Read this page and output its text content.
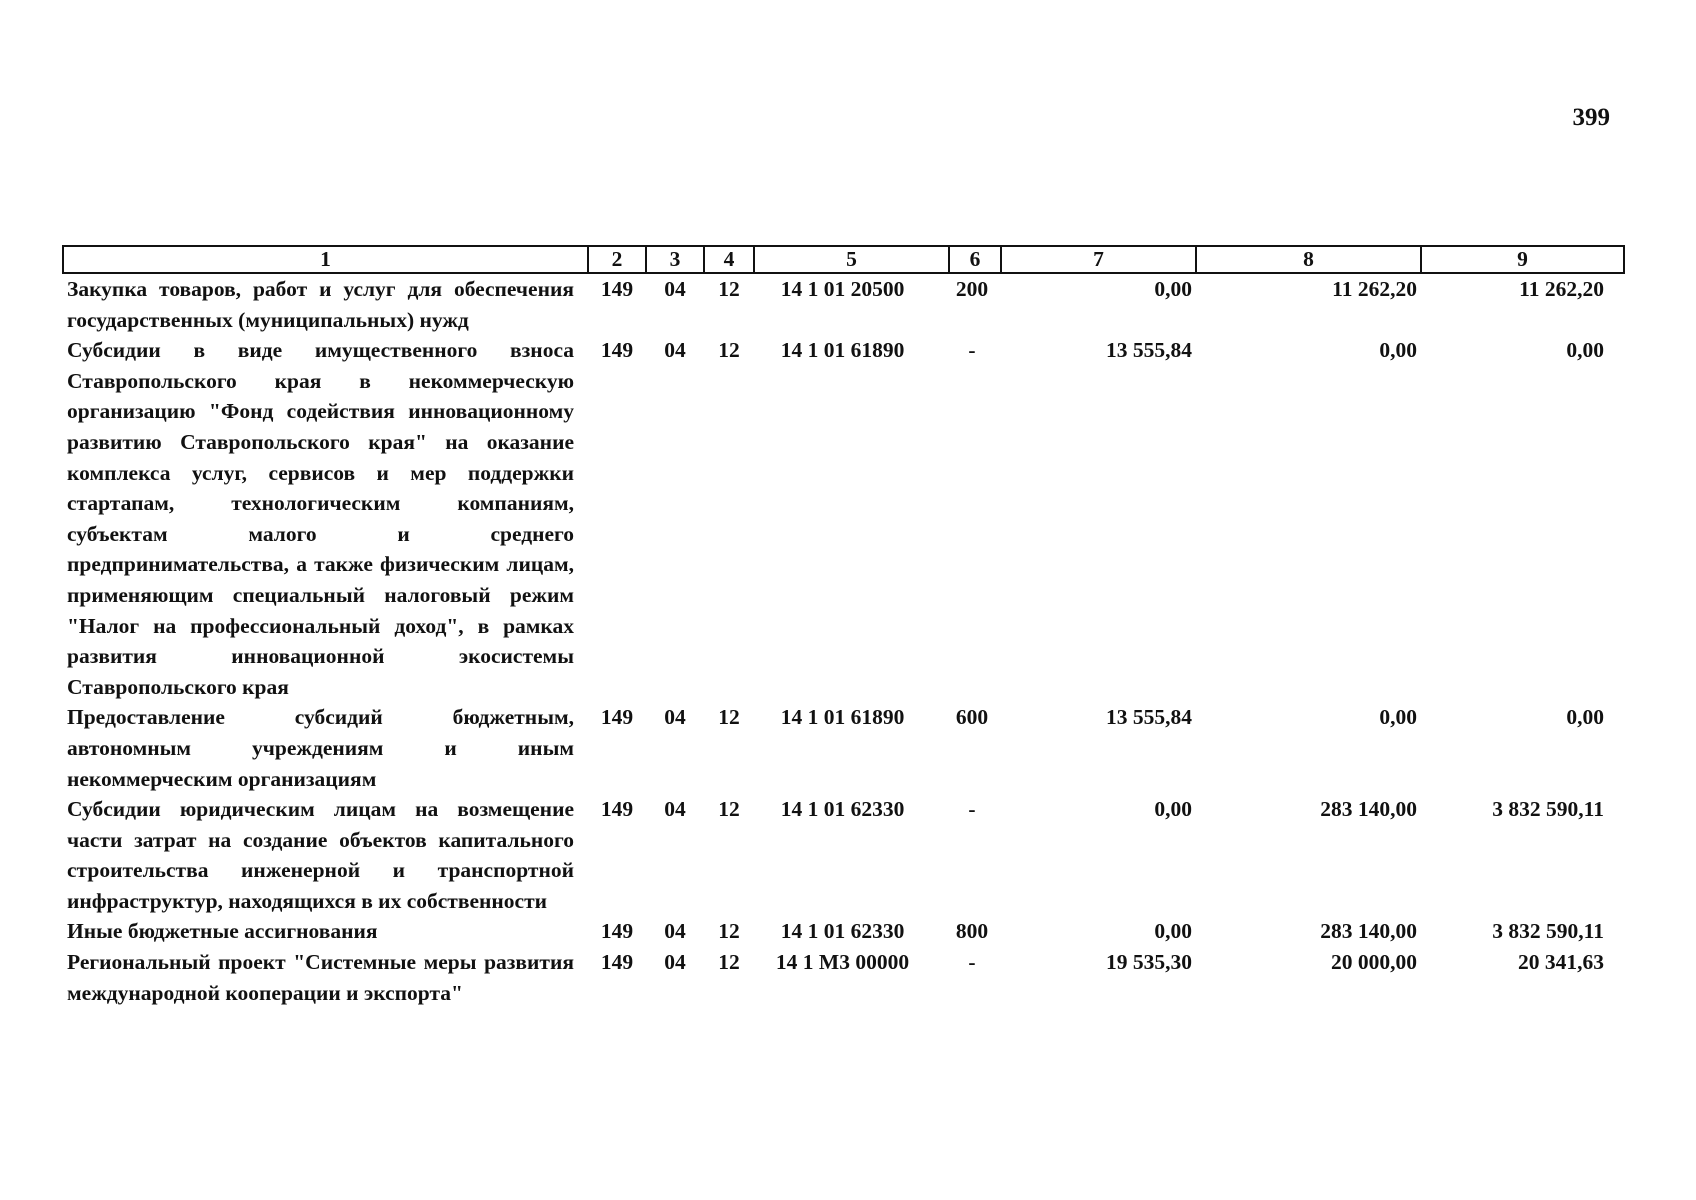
399
1	2	3	4	5	6	7	8	9
Закупка товаров, работ и услуг для обеспечения государственных (муниципальных) нужд	149	04	12	14 1 01 20500	200	0,00	11 262,20	11 262,20
Субсидии в виде имущественного взноса Ставропольского края в некоммерческую организацию "Фонд содействия инновационному развитию Ставропольского края" на оказание комплекса услуг, сервисов и мер поддержки стартапам, технологическим компаниям, субъектам малого и среднего предпринимательства, а также физическим лицам, применяющим специальный налоговый режим "Налог на профессиональный доход", в рамках развития инновационной экосистемы Ставропольского края	149	04	12	14 1 01 61890	-	13 555,84	0,00	0,00
Предоставление субсидий бюджетным, автономным учреждениям и иным некоммерческим организациям	149	04	12	14 1 01 61890	600	13 555,84	0,00	0,00
Субсидии юридическим лицам на возмещение части затрат на создание объектов капитального строительства инженерной и транспортной инфраструктур, находящихся в их собственности	149	04	12	14 1 01 62330	-	0,00	283 140,00	3 832 590,11
Иные бюджетные ассигнования	149	04	12	14 1 01 62330	800	0,00	283 140,00	3 832 590,11
Региональный проект "Системные меры развития международной кооперации и экспорта"	149	04	12	14 1 M3 00000	-	19 535,30	20 000,00	20 341,63
